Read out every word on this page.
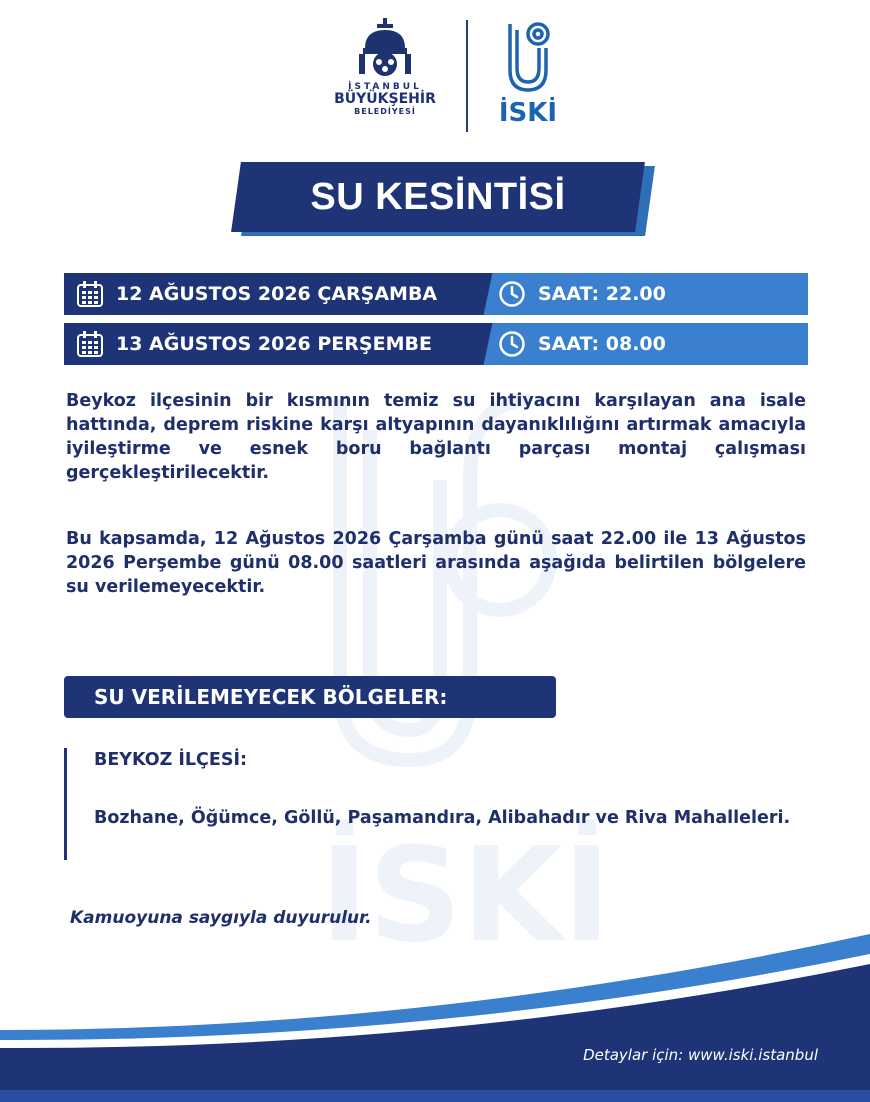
İSKİ
İSTANBUL
BÜYÜKŞEHİR
BELEDİYESİ	İSKİ
SU KESİNTİSİ
12 AĞUSTOS 2026 ÇARŞAMBA	SAAT: 22.00
13 AĞUSTOS 2026 PERŞEMBE	SAAT: 08.00
Beykoz ilçesinin bir kısmının temiz su ihtiyacını karşılayan ana isale hattında, deprem riskine karşı altyapının dayanıklılığını artırmak amacıyla iyileştirme ve esnek boru bağlantı parçası montaj çalışması gerçekleştirilecektir.
Bu kapsamda, 12 Ağustos 2026 Çarşamba günü saat 22.00 ile 13 Ağustos 2026 Perşembe günü 08.00 saatleri arasında aşağıda belirtilen bölgelere su verilemeyecektir.
SU VERİLEMEYECEK BÖLGELER:
BEYKOZ İLÇESİ:
Bozhane, Öğümce, Göllü, Paşamandıra, Alibahadır ve Riva Mahalleleri.
Kamuoyuna saygıyla duyurulur.
Detaylar için: www.iski.istanbul
